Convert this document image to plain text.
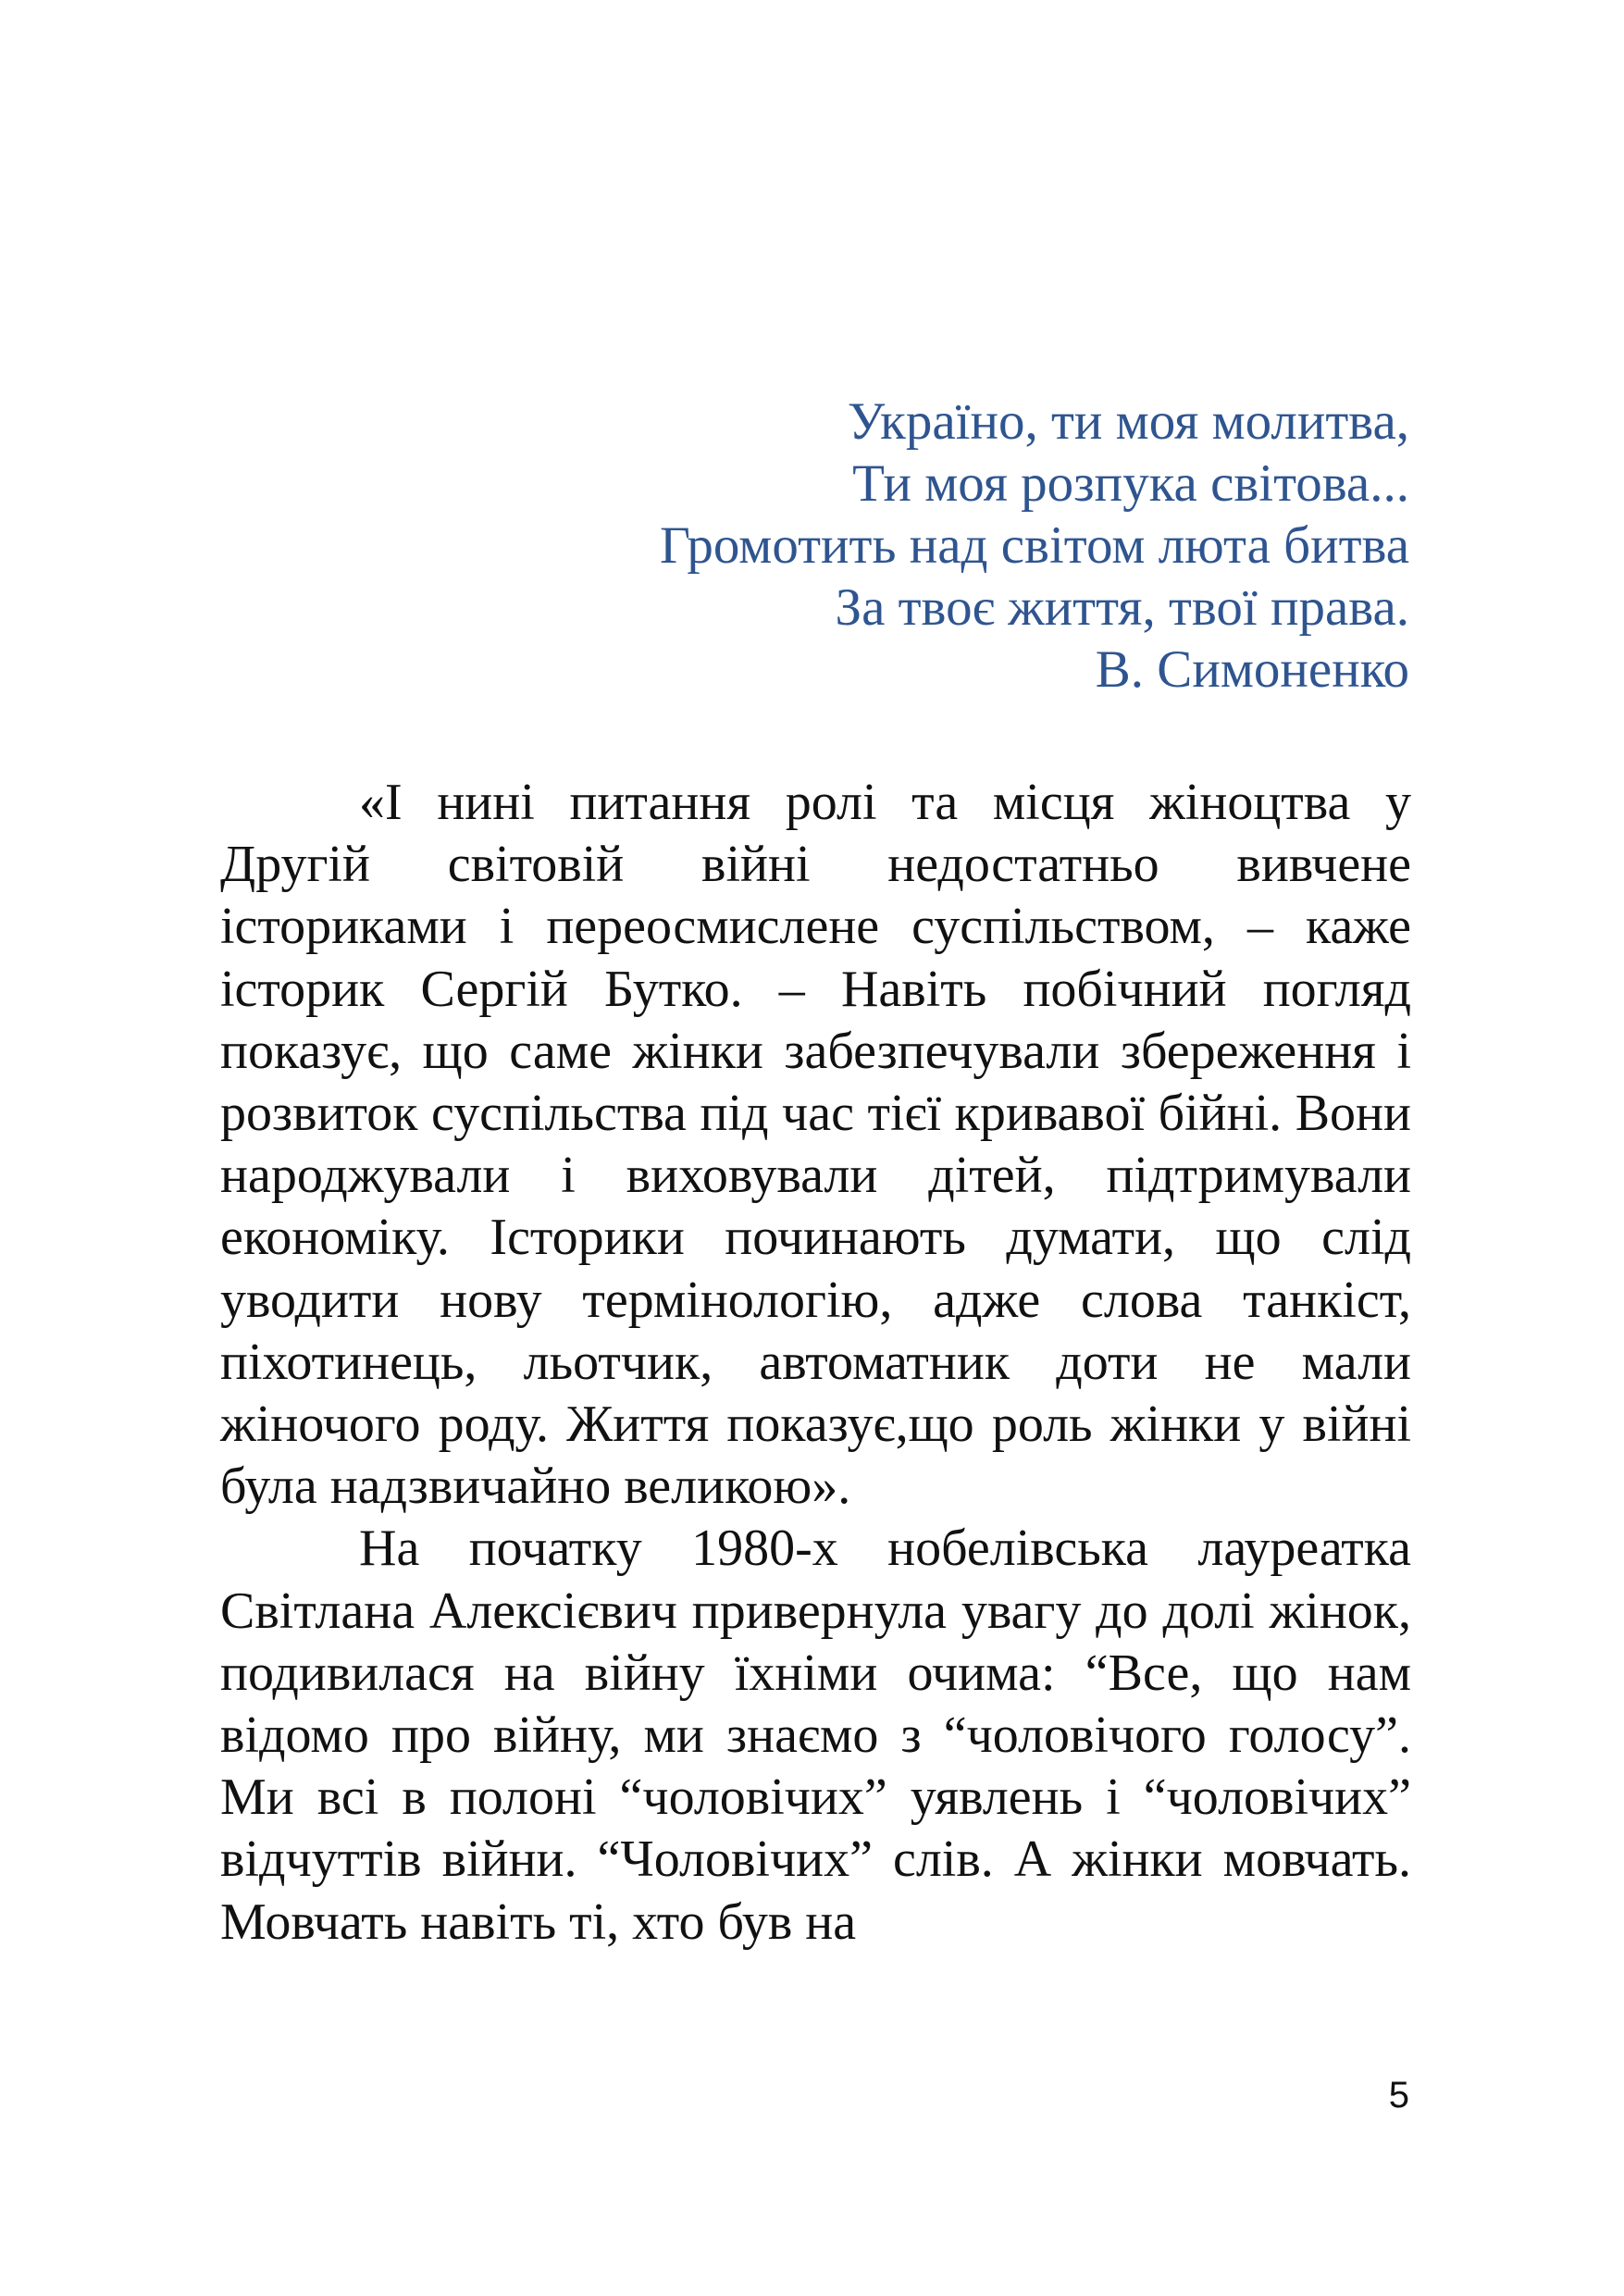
Україно, ти моя молитва,
Ти моя розпука світова...
Громотить над світом люта битва
За твоє життя, твої права.
В. Симоненко

«І нині питання ролі та місця жіноцтва у Другій світовій війні недостатньо вивчене істориками і переосмислене суспільством, – каже історик Сергій Бутко. – Навіть побічний погляд показує, що саме жінки забезпечували збереження і розвиток суспільства під час тієї кривавої бійні. Вони народжували і виховували дітей, підтримували економіку. Історики починають думати, що слід уводити нову термінологію, адже слова танкіст, піхотинець, льотчик, автоматник доти не мали жіночого роду. Життя показує,що роль жінки у війні була надзвичайно великою».

На початку 1980-х нобелівська лауреатка Світлана Алексієвич привернула увагу до долі жінок, подивилася на війну їхніми очима: “Все, що нам відомо про війну, ми знаємо з “чоловічого голосу”. Ми всі в полоні “чоловічих” уявлень і “чоловічих” відчуттів війни. “Чоловічих” слів. А жінки мовчать. Мовчать навіть ті, хто був на

5
